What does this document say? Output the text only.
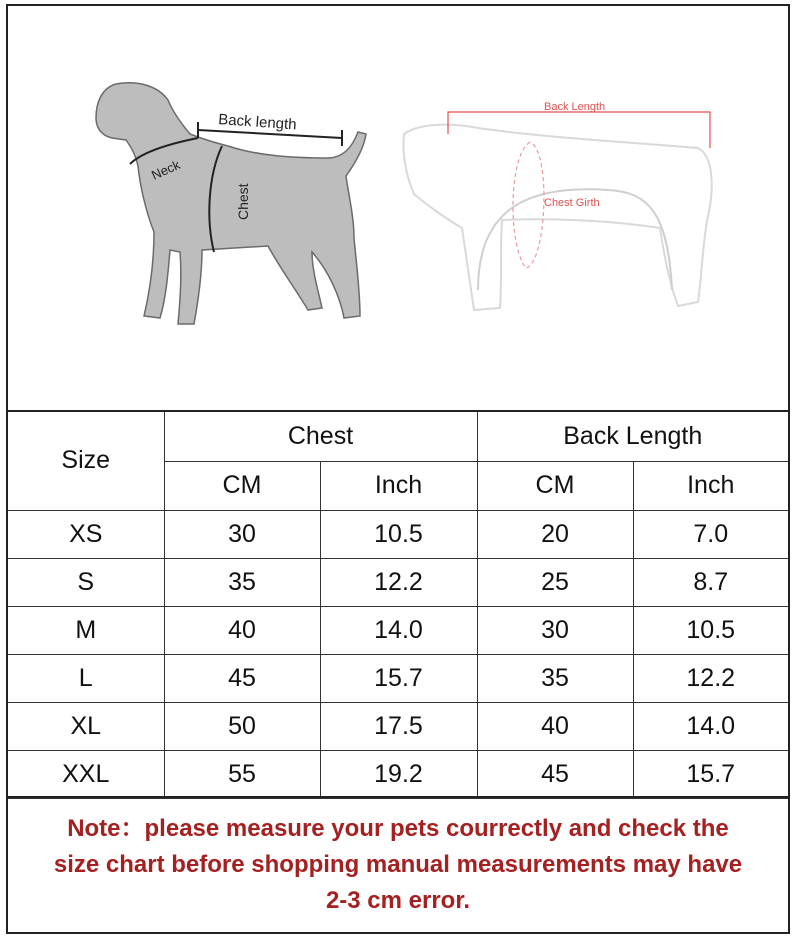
Back length
Neck
Chest
Back Length
Chest Girth
Size	Chest		Back Length	
	CM	Inch	CM	Inch
XS	30	10.5	20	7.0
S	35	12.2	25	8.7
M	40	14.0	30	10.5
L	45	15.7	35	12.2
XL	50	17.5	40	14.0
XXL	55	19.2	45	15.7
Note：please measure your pets courrectly and check the
size chart before shopping manual measurements may have
2-3 cm error.
